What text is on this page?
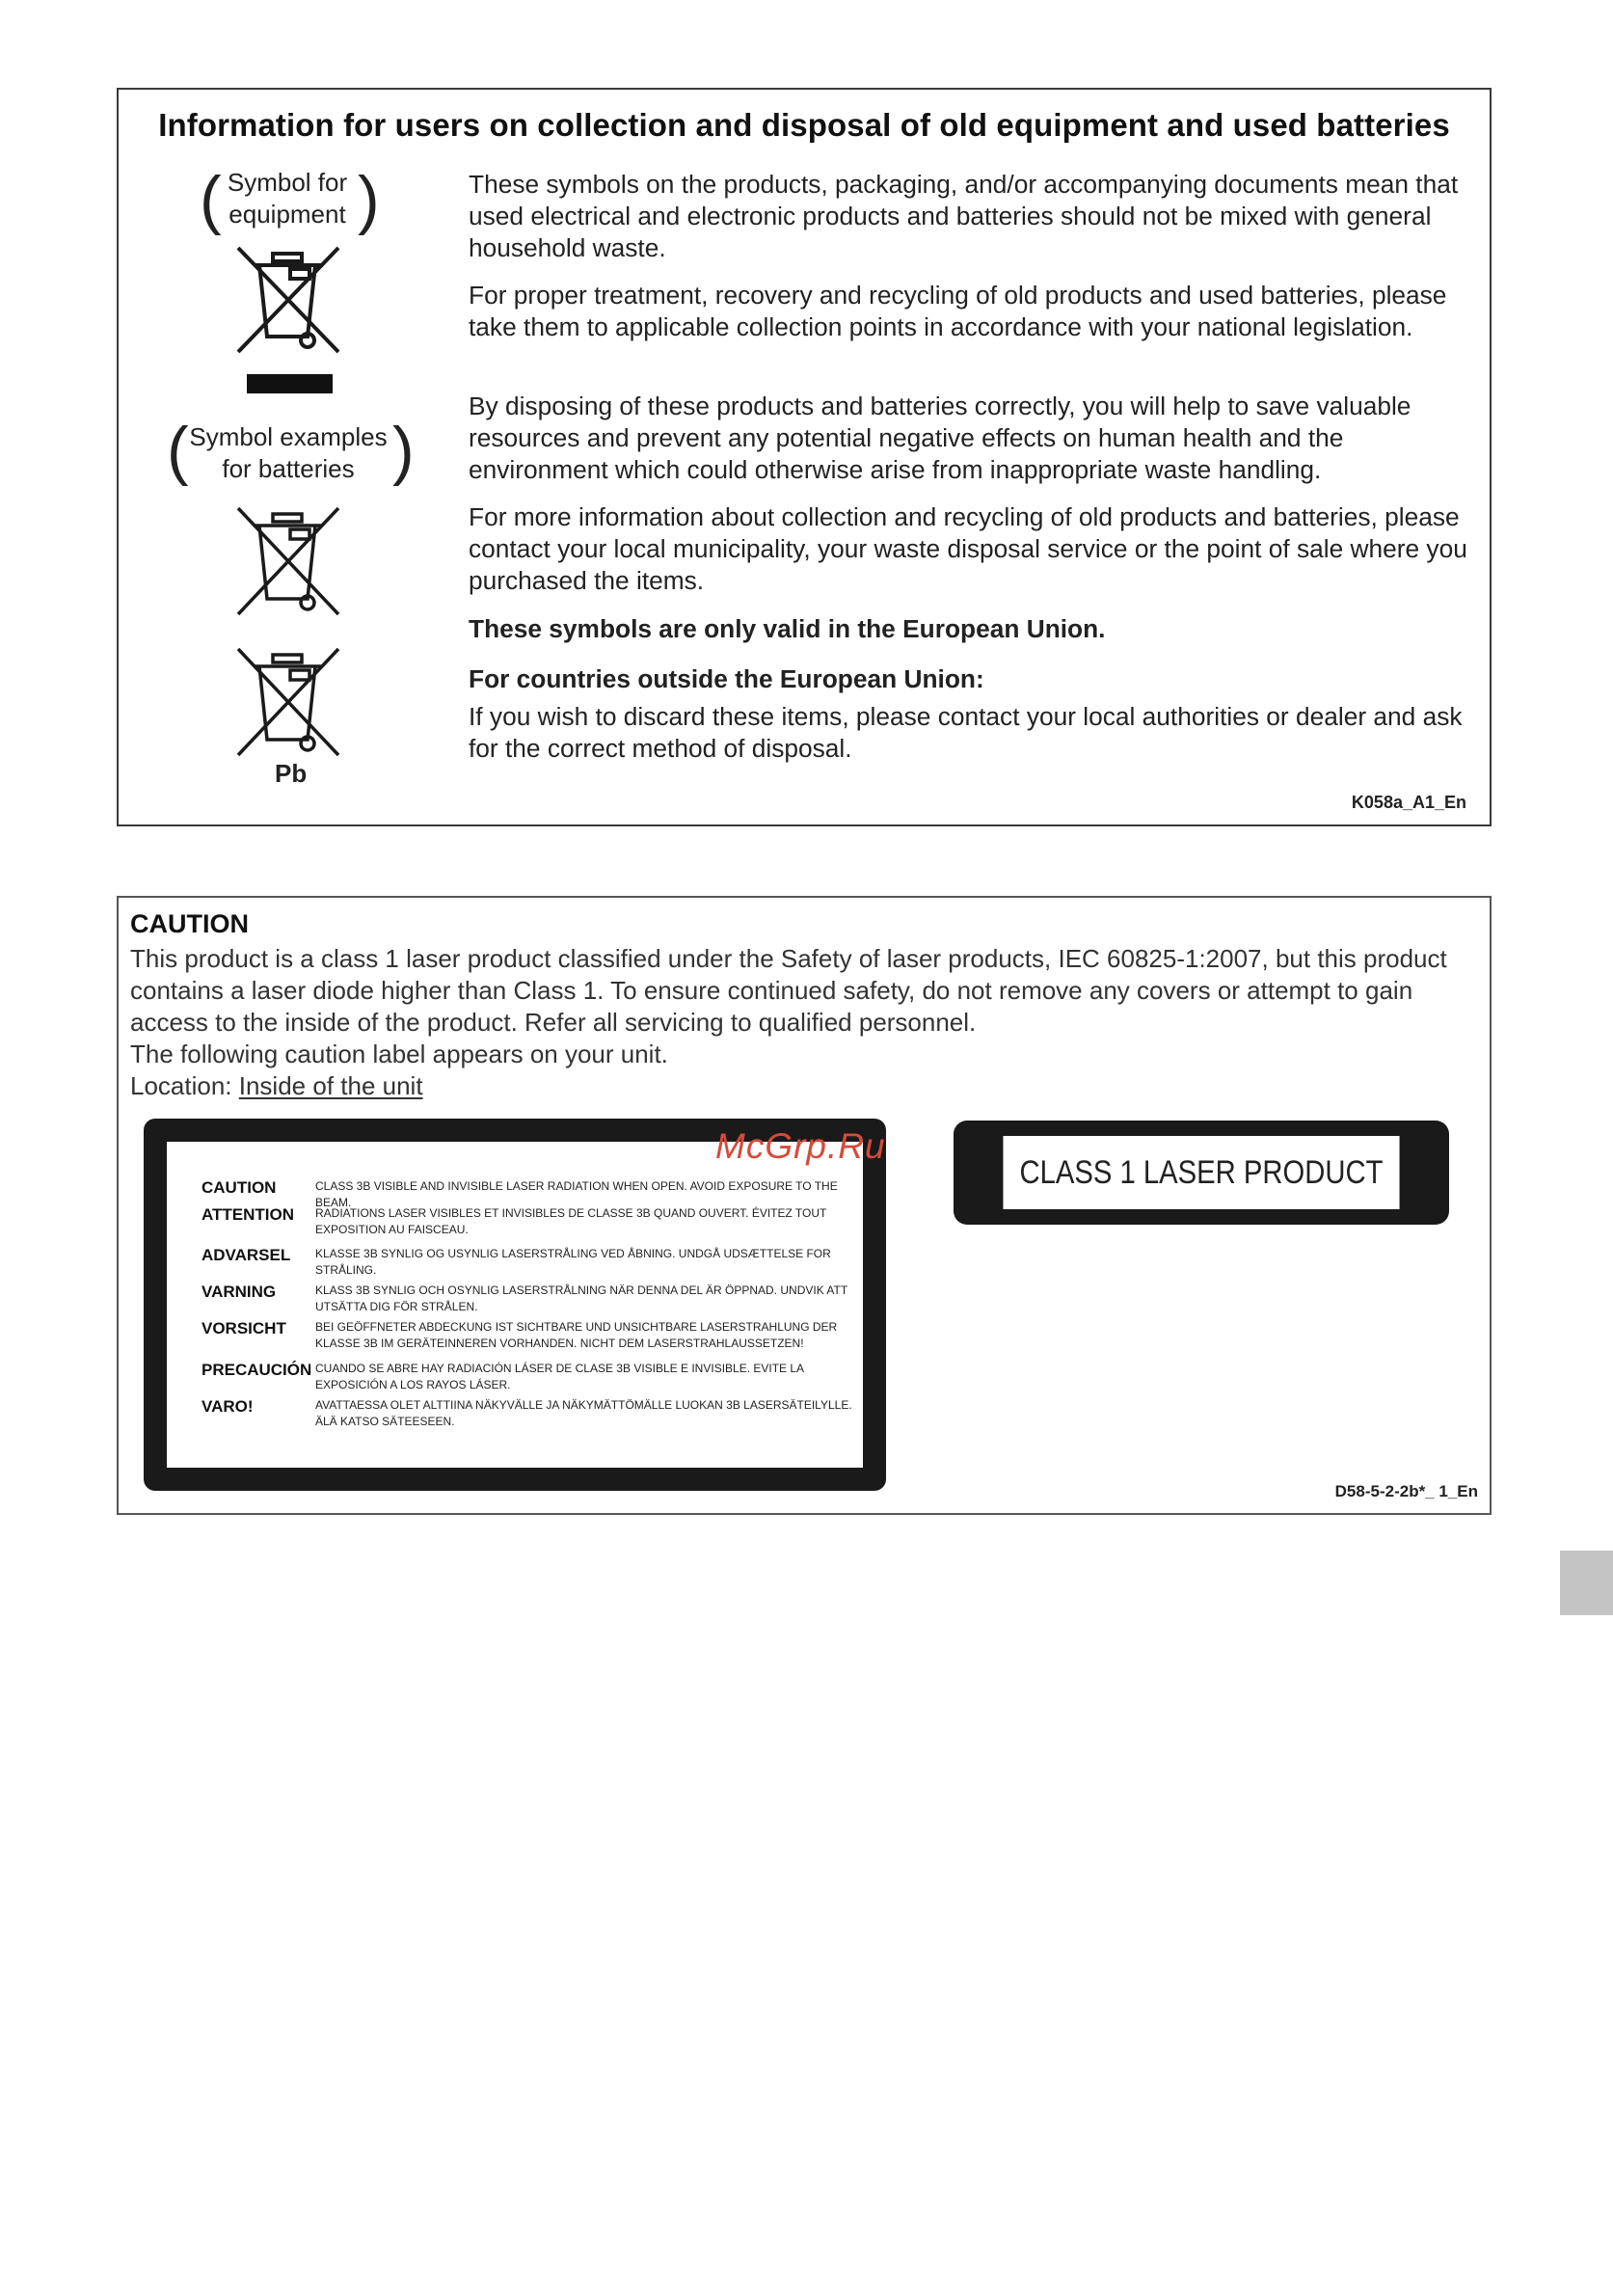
Information for users on collection and disposal of old equipment and used batteries
( Symbol for
equipment )
( Symbol examples
for batteries )
Pb

These symbols on the products, packaging, and/or accompanying documents mean that used electrical and electronic products and batteries should not be mixed with general household waste.

For proper treatment, recovery and recycling of old products and used batteries, please take them to applicable collection points in accordance with your national legislation.

By disposing of these products and batteries correctly, you will help to save valuable resources and prevent any potential negative effects on human health and the environment which could otherwise arise from inappropriate waste handling.

For more information about collection and recycling of old products and batteries, please contact your local municipality, your waste disposal service or the point of sale where you purchased the items.

These symbols are only valid in the European Union.

For countries outside the European Union:

If you wish to discard these items, please contact your local authorities or dealer and ask for the correct method of disposal.

K058a_A1_En
CAUTION

This product is a class 1 laser product classified under the Safety of laser products, IEC 60825-1:2007, but this product contains a laser diode higher than Class 1. To ensure continued safety, do not remove any covers or attempt to gain access to the inside of the product. Refer all servicing to qualified personnel.
The following caution label appears on your unit.

Location: Inside of the unit
CAUTION	CLASS 3B VISIBLE AND INVISIBLE LASER RADIATION WHEN OPEN. AVOID EXPOSURE TO THE BEAM.
ATTENTION RADIATIONS LASER VISIBLES ET INVISIBLES DE CLASSE 3B QUAND OUVERT. ÉVITEZ TOUT EXPOSITION AU FAISCEAU.
ADVARSEL KLASSE 3B SYNLIG OG USYNLIG LASERSTRÅLING VED ÅBNING. UNDGÅ UDSÆTTELSE FOR STRÅLING.
VARNING	KLASS 3B SYNLIG OCH OSYNLIG LASERSTRÅLNING NÄR DENNA DEL ÄR ÖPPNAD. UNDVIK ATT UTSÄTTA DIG FÖR STRÅLEN.
VORSICHT	BEI GEÖFFNETER ABDECKUNG IST SICHTBARE UND UNSICHTBARE LASERSTRAHLUNG DER KLASSE 3B IM GERÄTEINNEREN VORHANDEN. NICHT DEM LASERSTRAHLAUSSETZEN!
PRECAUCIÓN CUANDO SE ABRE HAY RADIACIÓN LÁSER DE CLASE 3B VISIBLE E INVISIBLE. EVITE LA EXPOSICIÓN A LOS RAYOS LÁSER.
VARO!	AVATTAESSA OLET ALTTIINA NÄKYVÄLLE JA NÄKYMÄTTÖMÄLLE LUOKAN 3B LASERSÄTEILYLLE. ÄLÄ KATSO SÄTEESEEN.
CLASS 1 LASER PRODUCT
D58-5-2-2b*_ 1_En
McGrp.Ru
